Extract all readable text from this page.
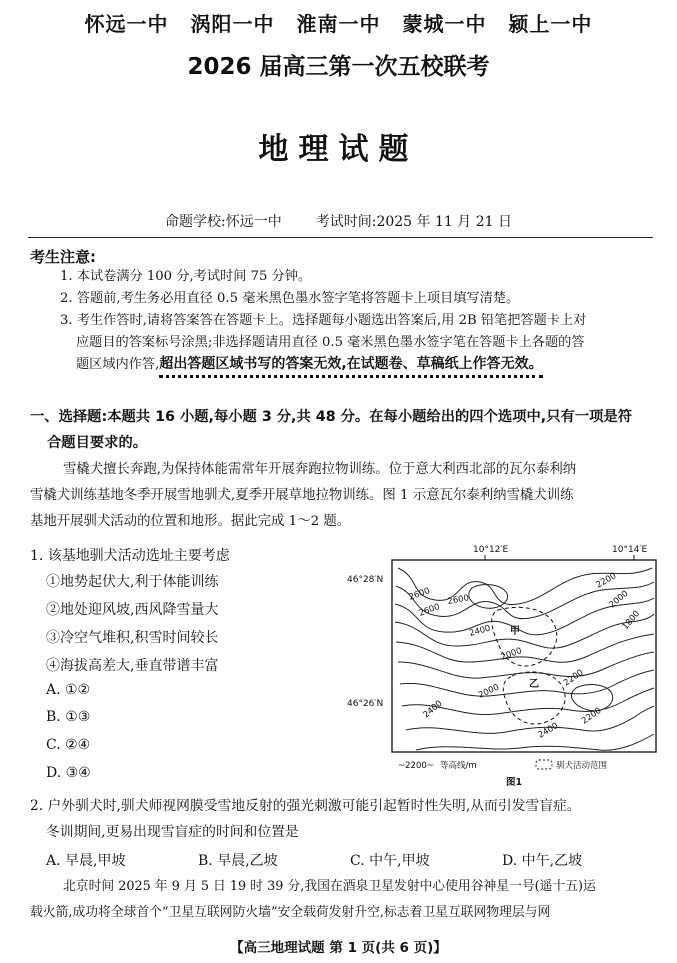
怀远一中 涡阳一中 淮南一中 蒙城一中 颍上一中
2026 届高三第一次五校联考
地理试题
命题学校:怀远一中 考试时间:2025 年 11 月 21 日
考生注意:
1. 本试卷满分 100 分,考试时间 75 分钟。
2. 答题前,考生务必用直径 0.5 毫米黑色墨水签字笔将答题卡上项目填写清楚。
3. 考生作答时,请将答案答在答题卡上。选择题每小题选出答案后,用 2B 铅笔把答题卡上对
应题目的答案标号涂黑;非选择题请用直径 0.5 毫米黑色墨水签字笔在答题卡上各题的答
题区域内作答,超出答题区域书写的答案无效,在试题卷、草稿纸上作答无效。
一、选择题:本题共 16 小题,每小题 3 分,共 48 分。在每小题给出的四个选项中,只有一项是符
合题目要求的。
雪橇犬擅长奔跑,为保持体能需常年开展奔跑拉物训练。位于意大利西北部的瓦尔泰利纳
雪橇犬训练基地冬季开展雪地驯犬,夏季开展草地拉物训练。图 1 示意瓦尔泰利纳雪橇犬训练
基地开展驯犬活动的位置和地形。据此完成 1～2 题。
1. 该基地驯犬活动选址主要考虑
①地势起伏大,利于体能训练
②地处迎风坡,西风降雪量大
③冷空气堆积,积雪时间较长
④海拔高差大,垂直带谱丰富
A. ①②
B. ①③
C. ②④
D. ③④
10°12′E	10°14′E
46°28′N
46°26′N
2600
2600
2600
2400
2200
2000
1800
2000
2200
2400
2000
2400	2200
甲
乙
~2200~ 等高线/m	驯犬活动范围
图1
2. 户外驯犬时,驯犬师视网膜受雪地反射的强光刺激可能引起暂时性失明,从而引发雪盲症。
冬训期间,更易出现雪盲症的时间和位置是
A. 早晨,甲坡	B. 早晨,乙坡	C. 中午,甲坡	D. 中午,乙坡
北京时间 2025 年 9 月 5 日 19 时 39 分,我国在酒泉卫星发射中心使用谷神星一号(遥十五)运
载火箭,成功将全球首个“卫星互联网防火墙”安全载荷发射升空,标志着卫星互联网物理层与网
【高三地理试题 第 1 页(共 6 页)】
